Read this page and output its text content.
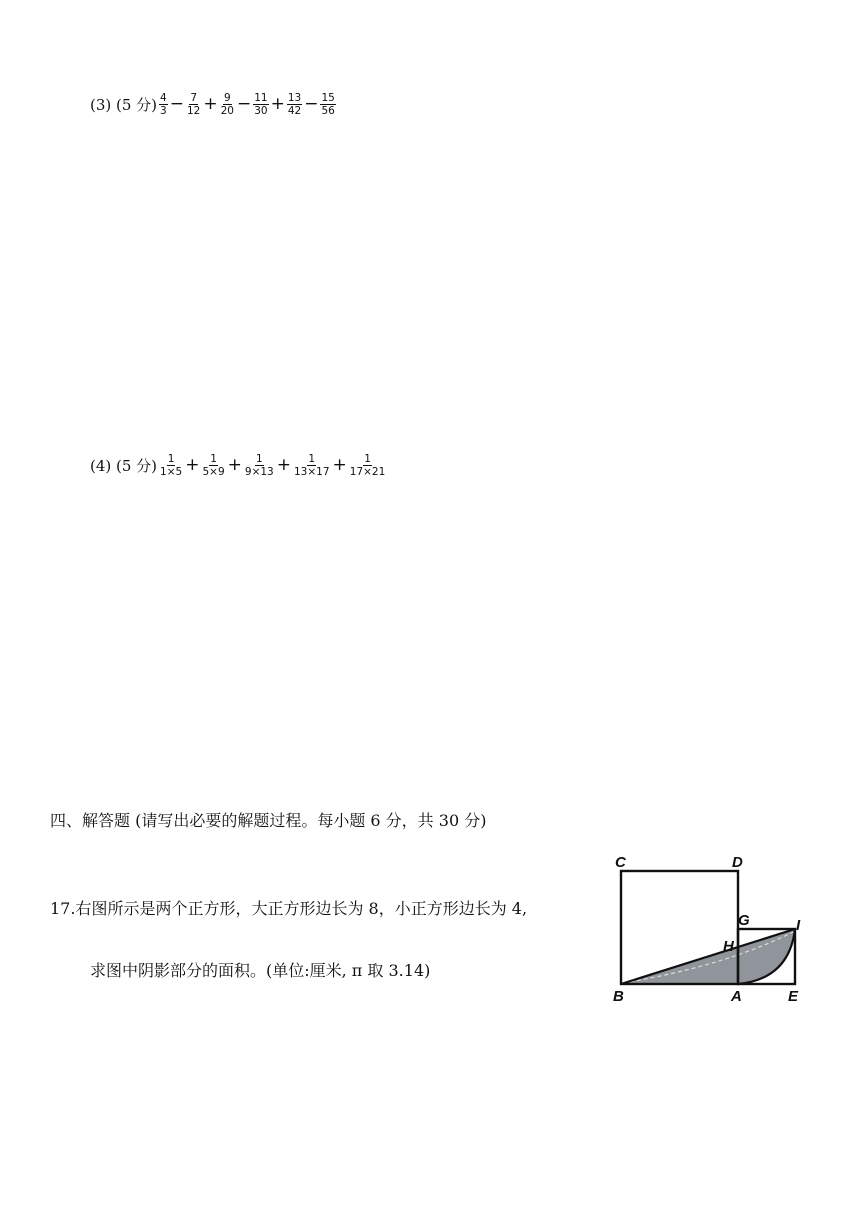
(3) (5 分) $\frac{4}{3} - \frac{7}{12} + \frac{9}{20} - \frac{11}{30} + \frac{13}{42} - \frac{15}{56}$
(4) (5 分) $\frac{1}{1\times 5} + \frac{1}{5\times 9} + \frac{1}{9\times 13} + \frac{1}{13\times 17} + \frac{1}{17\times 21}$
四、解答题 (请写出必要的解题过程。每小题 6 分，共 30 分)
17.右图所示是两个正方形，大正方形边长为 8，小正方形边长为 4,
求图中阴影部分的面积。(单位:厘米, π 取 3.14)
C	D
G	I
H
B	A	E
